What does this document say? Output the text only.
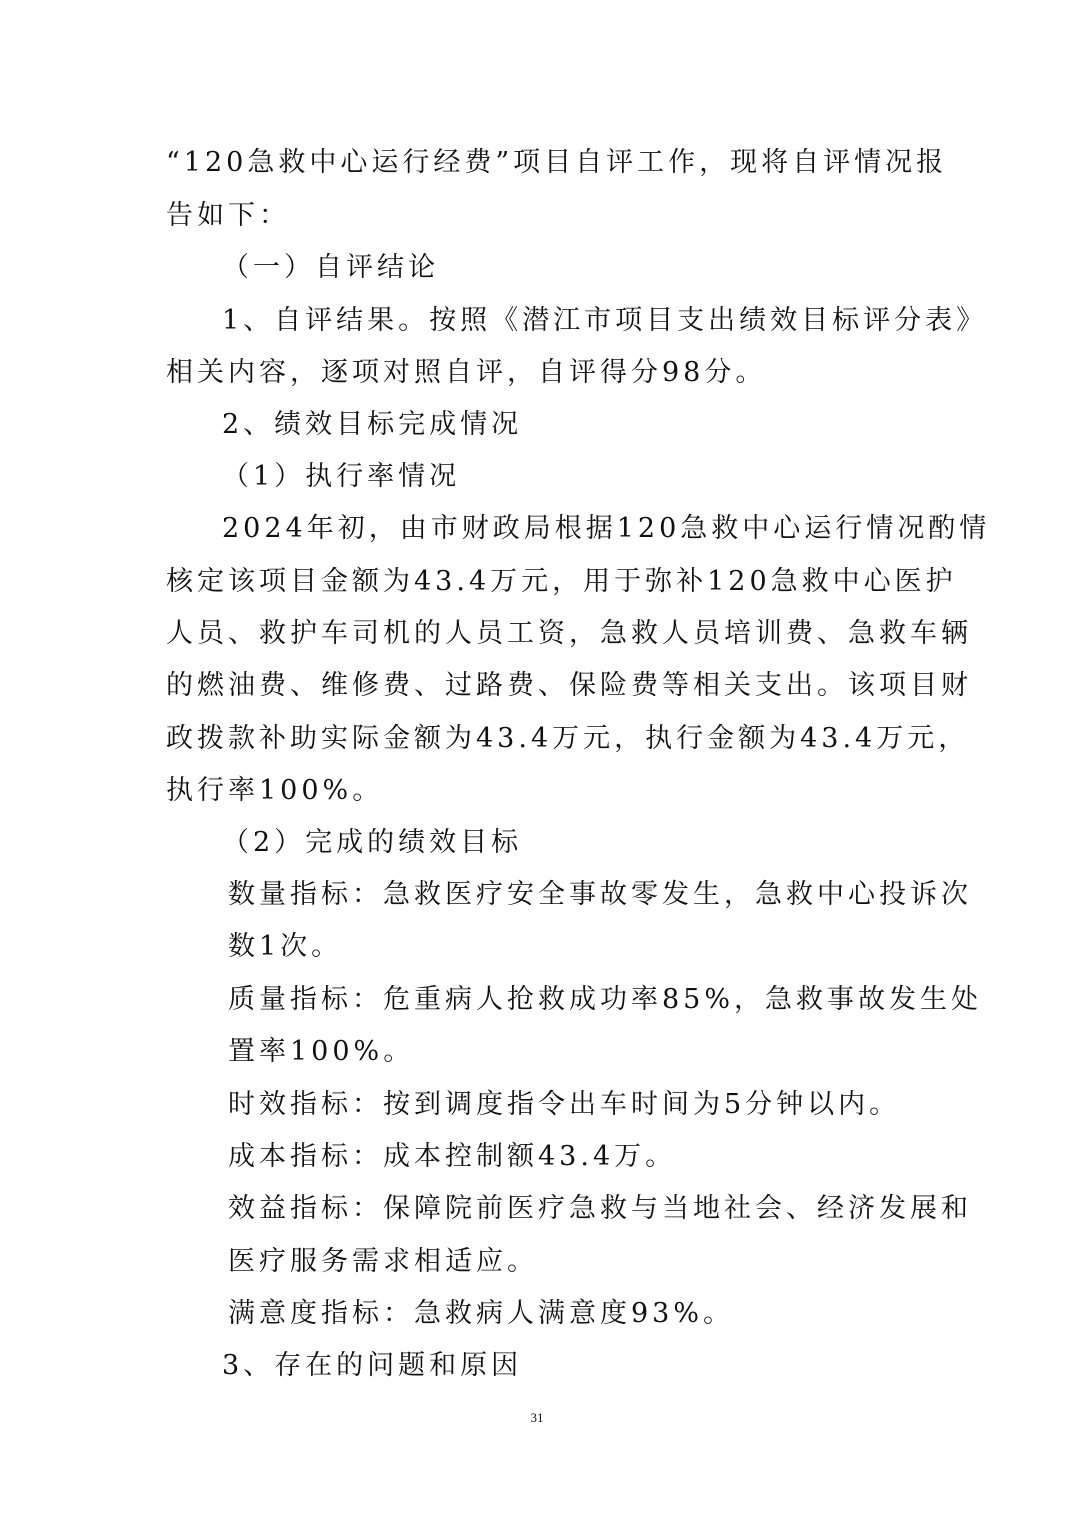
“120急救中心运行经费”项目自评工作，现将自评情况报
告如下：
（一）自评结论
1、自评结果。按照《潜江市项目支出绩效目标评分表》
相关内容，逐项对照自评，自评得分98分。
2、绩效目标完成情况
（1）执行率情况
2024年初，由市财政局根据120急救中心运行情况酌情
核定该项目金额为43.4万元，用于弥补120急救中心医护
人员、救护车司机的人员工资，急救人员培训费、急救车辆
的燃油费、维修费、过路费、保险费等相关支出。该项目财
政拨款补助实际金额为43.4万元，执行金额为43.4万元，
执行率100%。
（2）完成的绩效目标
数量指标：急救医疗安全事故零发生，急救中心投诉次
数1次。
质量指标：危重病人抢救成功率85%，急救事故发生处
置率100%。
时效指标：按到调度指令出车时间为5分钟以内。
成本指标：成本控制额43.4万。
效益指标：保障院前医疗急救与当地社会、经济发展和
医疗服务需求相适应。
满意度指标：急救病人满意度93%。
3、存在的问题和原因
31
